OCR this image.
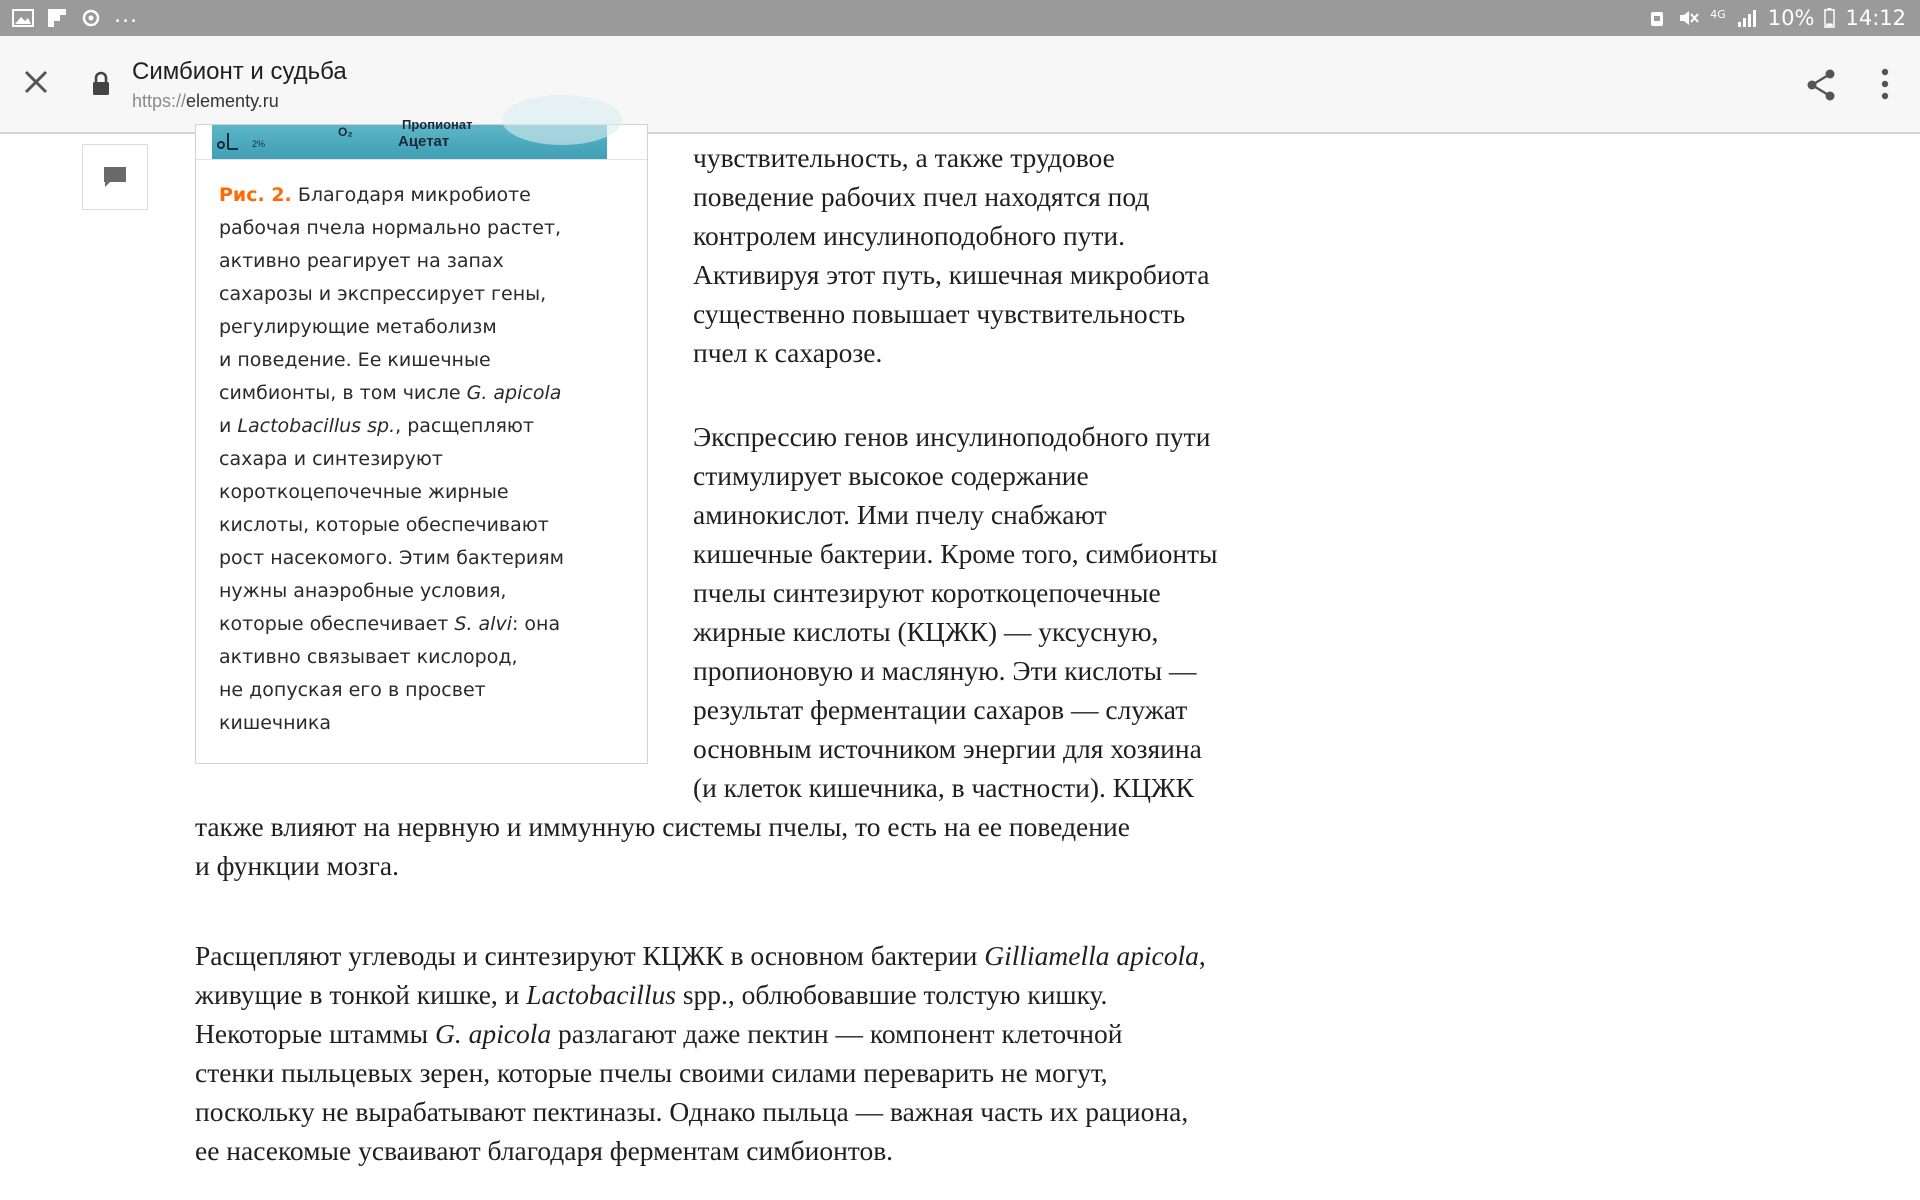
...	4G 10% 14:12
Симбионт и судьба
https://elementy.ru
2%
O₂	Пропионат
Ацетат
Рис. 2. Благодаря микробиоте
рабочая пчела нормально растет,
активно реагирует на запах
сахарозы и экспрессирует гены,
регулирующие метаболизм
и поведение. Ее кишечные
симбионты, в том числе G. apicola
и Lactobacillus sp., расщепляют
сахара и синтезируют
короткоцепочечные жирные
кислоты, которые обеспечивают
рост насекомого. Этим бактериям
нужны анаэробные условия,
которые обеспечивает S. alvi: она
активно связывает кислород,
не допуская его в просвет
кишечника
чувствительность, а также трудовое
поведение рабочих пчел находятся под
контролем инсулиноподобного пути.
Активируя этот путь, кишечная микробиота
существенно повышает чувствительность
пчел к сахарозе.
Экспрессию генов инсулиноподобного пути
стимулирует высокое содержание
аминокислот. Ими пчелу снабжают
кишечные бактерии. Кроме того, симбионты
пчелы синтезируют короткоцепочечные
жирные кислоты (КЦЖК) — уксусную,
пропионовую и масляную. Эти кислоты —
результат ферментации сахаров — служат
основным источником энергии для хозяина
(и клеток кишечника, в частности). КЦЖК
также влияют на нервную и иммунную системы пчелы, то есть на ее поведение
и функции мозга.
Расщепляют углеводы и синтезируют КЦЖК в основном бактерии Gilliamella apicola,
живущие в тонкой кишке, и Lactobacillus spp., облюбовавшие толстую кишку.
Некоторые штаммы G. apicola разлагают даже пектин — компонент клеточной
стенки пыльцевых зерен, которые пчелы своими силами переварить не могут,
поскольку не вырабатывают пектиназы. Однако пыльца — важная часть их рациона,
ее насекомые усваивают благодаря ферментам симбионтов.
